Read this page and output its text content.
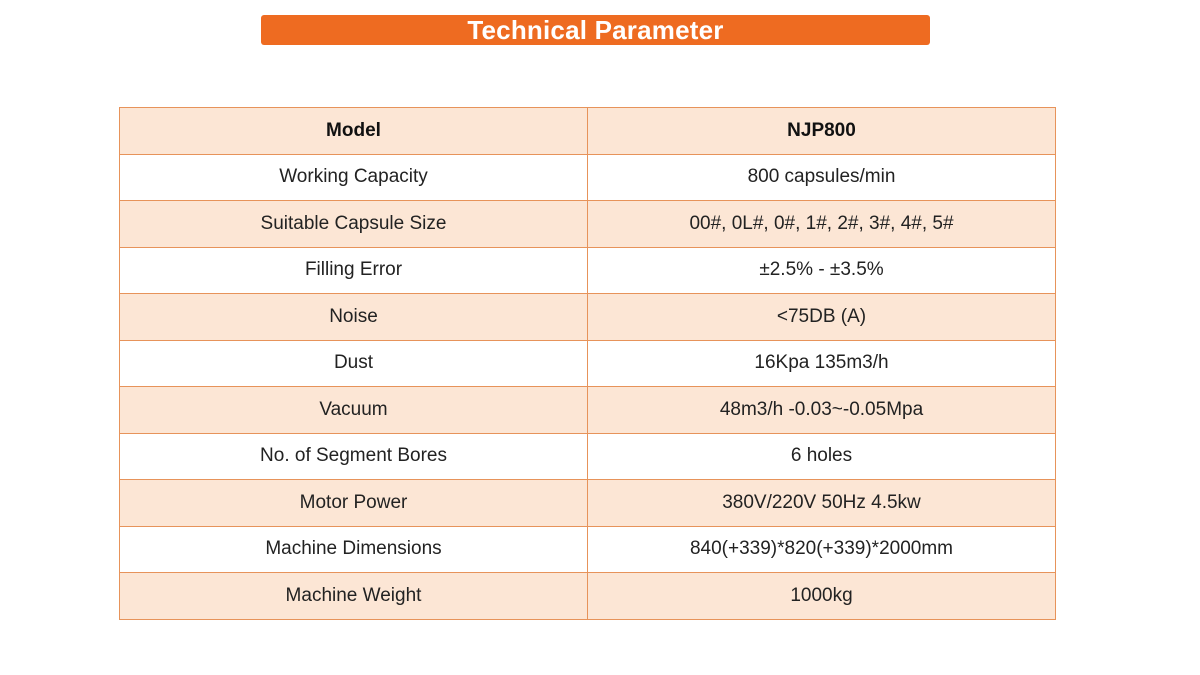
Technical Parameter
Model	NJP800
Working Capacity	800 capsules/min
Suitable Capsule Size	00#, 0L#, 0#, 1#, 2#, 3#, 4#, 5#
Filling Error	±2.5% - ±3.5%
Noise	<75DB (A)
Dust	16Kpa 135m3/h
Vacuum	48m3/h -0.03~-0.05Mpa
No. of Segment Bores	6 holes
Motor Power	380V/220V 50Hz 4.5kw
Machine Dimensions	840(+339)*820(+339)*2000mm
Machine Weight	1000kg
